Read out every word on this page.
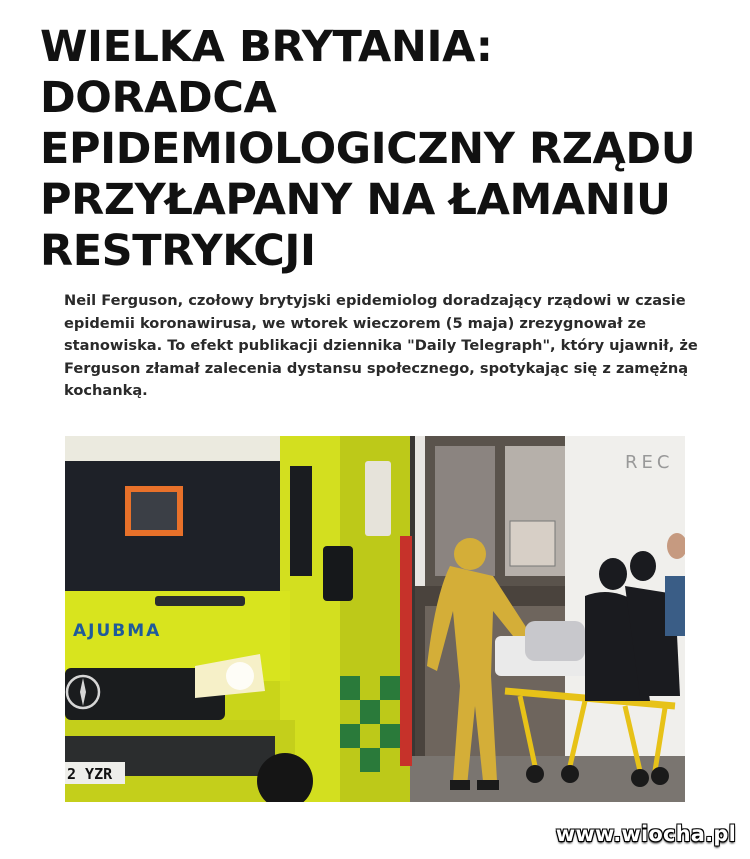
WIELKA BRYTANIA:
DORADCA
EPIDEMIOLOGICZNY RZĄDU
PRZYŁAPANY NA ŁAMANIU
RESTRYKCJI
Neil Ferguson, czołowy brytyjski epidemiolog doradzający rządowi w czasie
epidemii koronawirusa, we wtorek wieczorem (5 maja) zrezygnował ze
stanowiska. To efekt publikacji dziennika "Daily Telegraph", który ujawnił, że
Ferguson złamał zalecenia dystansu społecznego, spotykając się z zamężną
kochanką.
REC
AJUBMA
2 YZR
www.wiocha.pl
